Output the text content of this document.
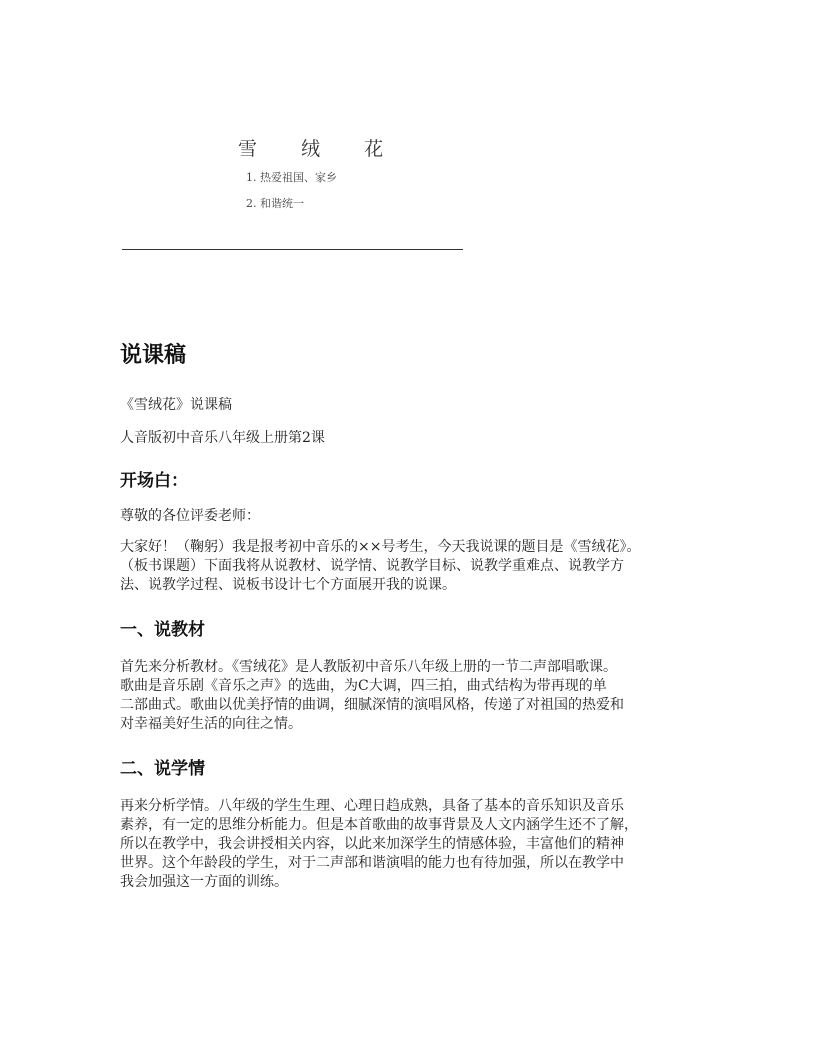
雪 绒 花
1. 热爱祖国、家乡
2. 和谐统一
说课稿

《雪绒花》说课稿

人音版初中音乐八年级上册第2课

开场白：

尊敬的各位评委老师：

大家好！（鞠躬）我是报考初中音乐的××号考生，今天我说课的题目是《雪绒花》。

（板书课题）下面我将从说教材、说学情、说教学目标、说教学重难点、说教学方

法、说教学过程、说板书设计七个方面展开我的说课。

一、说教材

首先来分析教材。《雪绒花》是人教版初中音乐八年级上册的一节二声部唱歌课。

歌曲是音乐剧《音乐之声》的选曲，为C大调，四三拍，曲式结构为带再现的单

二部曲式。歌曲以优美抒情的曲调，细腻深情的演唱风格，传递了对祖国的热爱和

对幸福美好生活的向往之情。

二、说学情

再来分析学情。八年级的学生生理、心理日趋成熟，具备了基本的音乐知识及音乐

素养，有一定的思维分析能力。但是本首歌曲的故事背景及人文内涵学生还不了解，

所以在教学中，我会讲授相关内容，以此来加深学生的情感体验，丰富他们的精神

世界。这个年龄段的学生，对于二声部和谐演唱的能力也有待加强，所以在教学中

我会加强这一方面的训练。
